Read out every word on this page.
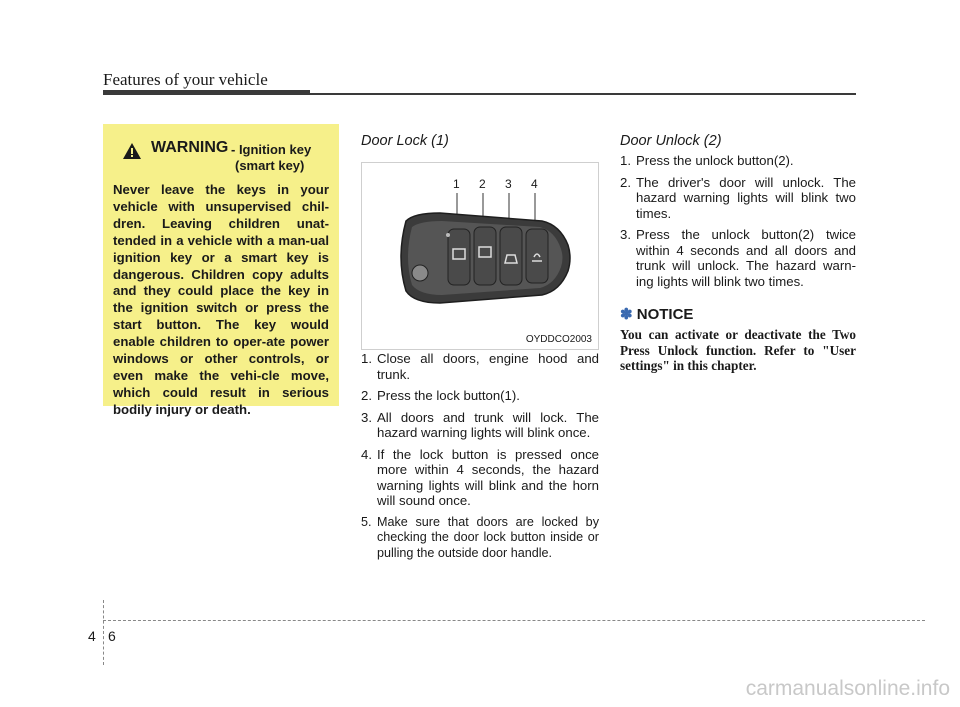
Features of your vehicle
WARNING - Ignition key
(smart key)

Never leave the keys in your vehicle with unsupervised chil-dren. Leaving children unat-tended in a vehicle with a man-ual ignition key or a smart key is dangerous. Children copy adults and they could place the key in the ignition switch or press the start button. The key would enable children to oper-ate power windows or other controls, or even make the vehi-cle move, which could result in serious bodily injury or death.

Door Lock (1)
1 2 3 4
OYDDCO2003
1. Close all doors, engine hood and trunk.
2. Press the lock button(1).
3. All doors and trunk will lock. The hazard warning lights will blink once.
4. If the lock button is pressed once more within 4 seconds, the hazard warning lights will blink and the horn will sound once.
5. Make sure that doors are locked by checking the door lock button inside or pulling the outside door handle.
Door Unlock (2)
1. Press the unlock button(2).
2. The driver's door will unlock. The hazard warning lights will blink two times.
3. Press the unlock button(2) twice within 4 seconds and all doors and trunk will unlock. The hazard warn-ing lights will blink two times.
✽ NOTICE

You can activate or deactivate the Two Press Unlock function. Refer to "User settings" in this chapter.

4 6
carmanualsonline.info
